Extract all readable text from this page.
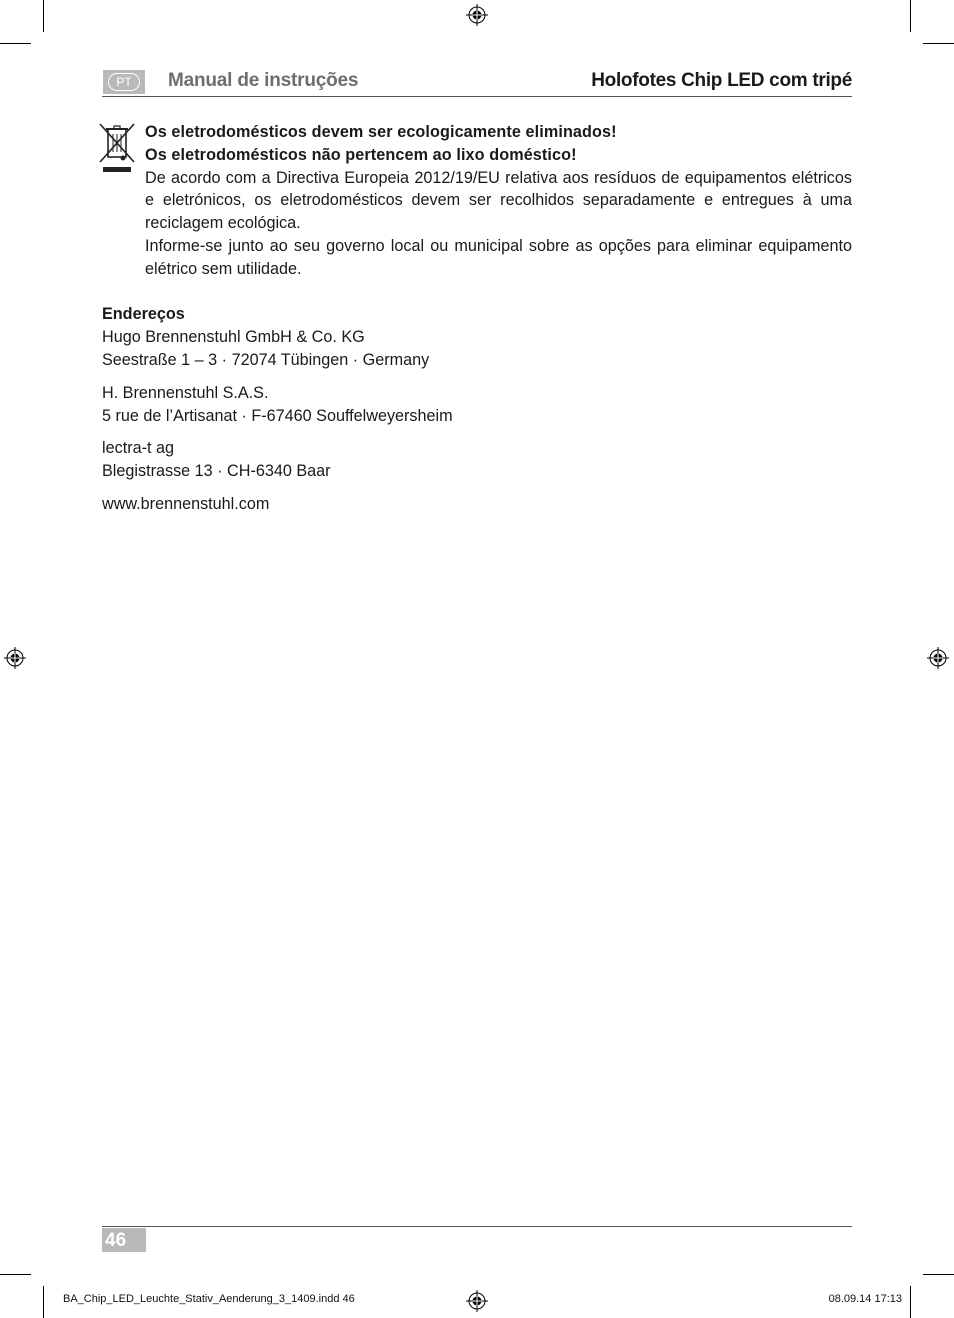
PT	Manual de instruções	Holofotes Chip LED com tripé
Os eletrodomésticos devem ser ecologicamente eliminados!
Os eletrodomésticos não pertencem ao lixo doméstico!
De acordo com a Directiva Europeia 2012/19/EU relativa aos resíduos de equipamentos elétricos e eletrónicos, os eletrodomésticos devem ser recolhidos separadamente e entregues à uma reciclagem ecológica.
Informe-se junto ao seu governo local ou municipal sobre as opções para eliminar equipamento elétrico sem utilidade.
Endereços
Hugo Brennenstuhl GmbH & Co. KG
Seestraße 1 – 3 · 72074 Tübingen · Germany
H. Brennenstuhl S.A.S.
5 rue de l’Artisanat · F-67460 Souffelweyersheim
lectra-t ag
Blegistrasse 13 · CH-6340 Baar
www.brennenstuhl.com
46
BA_Chip_LED_Leuchte_Stativ_Aenderung_3_1409.indd 46	08.09.14 17:13
